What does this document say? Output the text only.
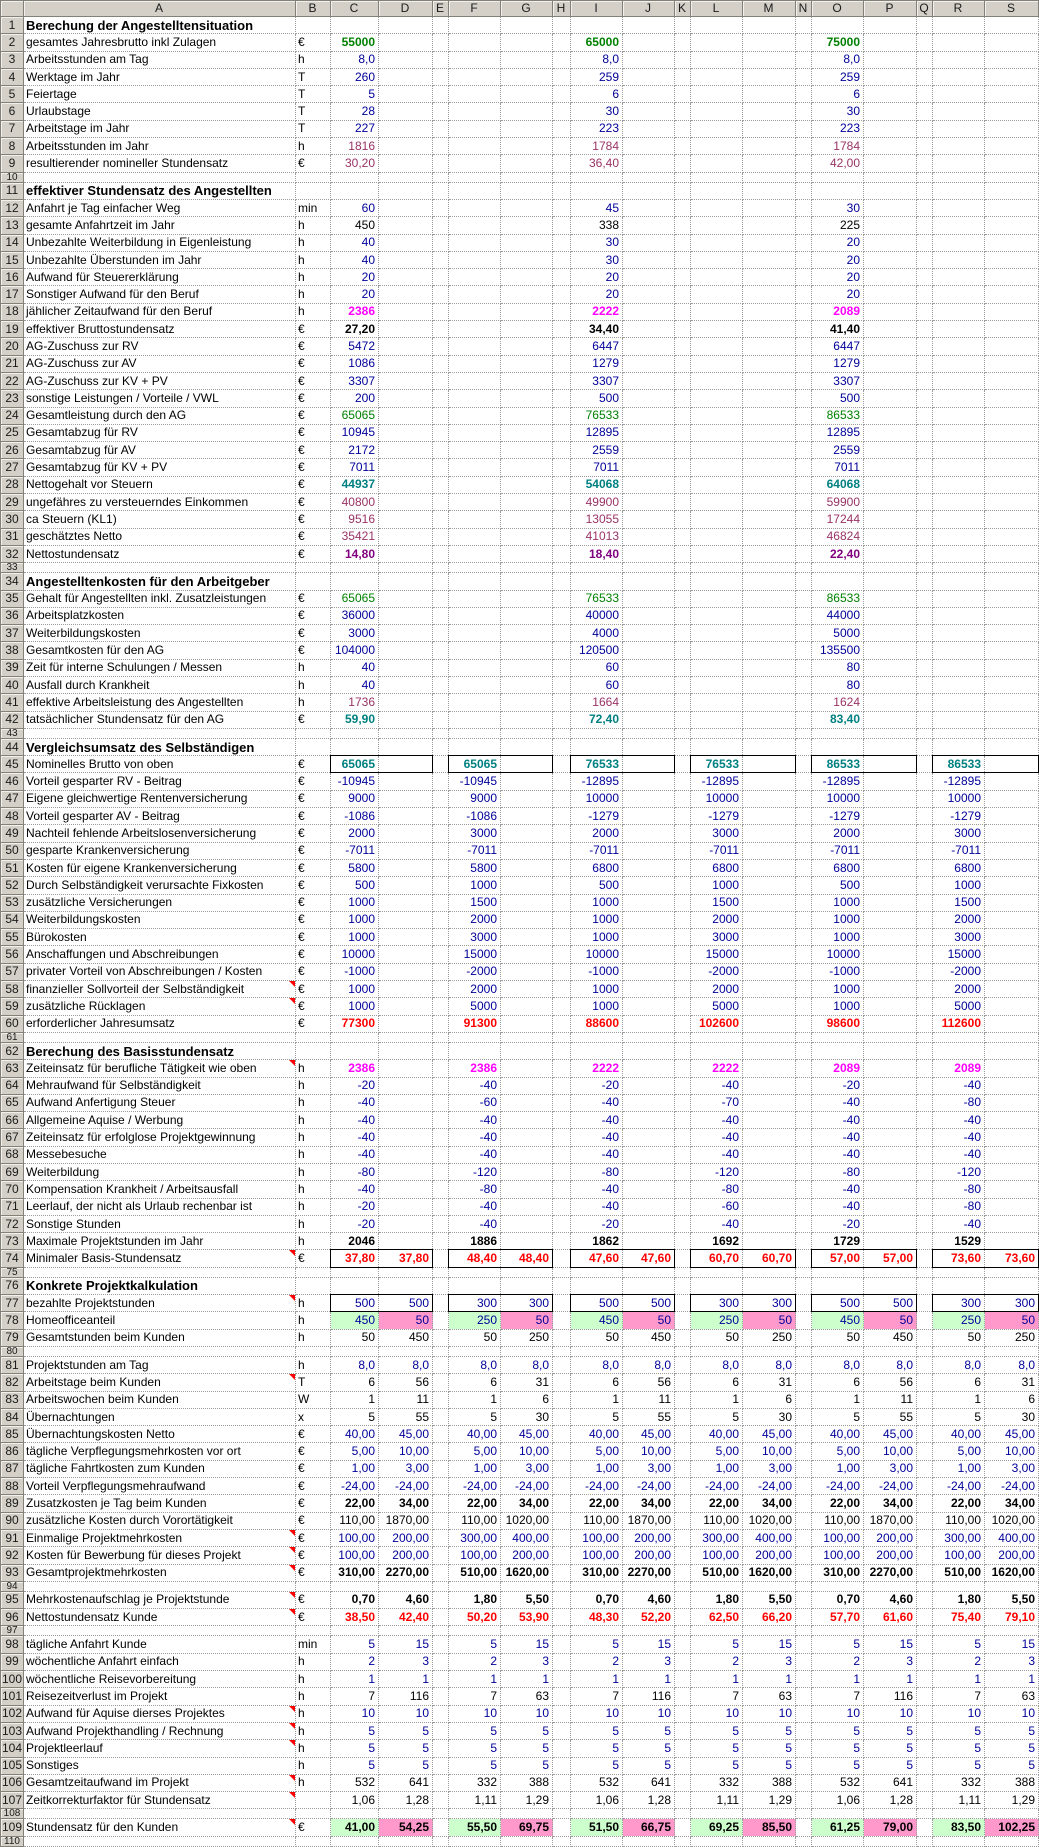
	A	B	C	D	E	F	G	H	I	J	K	L	M	N	O	P	Q	R	S
1	Berechung der Angestelltensituation																		
2	gesamtes Jahresbrutto inkl Zulagen	€	55000						65000						75000				
3	Arbeitsstunden am Tag	h	8,0						8,0						8,0				
4	Werktage im Jahr	T	260						259						259				
5	Feiertage	T	5						6						6				
6	Urlaubstage	T	28						30						30				
7	Arbeitstage im Jahr	T	227						223						223				
8	Arbeitsstunden im Jahr	h	1816						1784						1784				
9	resultierender nomineller Stundensatz	€	30,20						36,40						42,00				
10																			
11	effektiver Stundensatz des Angestellten																		
12	Anfahrt je Tag einfacher Weg	min	60						45						30				
13	gesamte Anfahrtzeit im Jahr	h	450						338						225				
14	Unbezahlte Weiterbildung in Eigenleistung	h	40						30						20				
15	Unbezahlte Überstunden im Jahr	h	40						30						20				
16	Aufwand für Steuererklärung	h	20						20						20				
17	Sonstiger Aufwand für den Beruf	h	20						20						20				
18	jählicher Zeitaufwand für den Beruf	h	2386						2222						2089				
19	effektiver Bruttostundensatz	€	27,20						34,40						41,40				
20	AG-Zuschuss zur RV	€	5472						6447						6447				
21	AG-Zuschuss zur AV	€	1086						1279						1279				
22	AG-Zuschuss zur KV + PV	€	3307						3307						3307				
23	sonstige Leistungen / Vorteile / VWL	€	200						500						500				
24	Gesamtleistung durch den AG	€	65065						76533						86533				
25	Gesamtabzug für RV	€	10945						12895						12895				
26	Gesamtabzug für AV	€	2172						2559						2559				
27	Gesamtabzug für KV + PV	€	7011						7011						7011				
28	Nettogehalt vor Steuern	€	44937						54068						64068				
29	ungefähres zu versteuerndes Einkommen	€	40800						49900						59900				
30	ca Steuern (KL1)	€	9516						13055						17244				
31	geschätztes Netto	€	35421						41013						46824				
32	Nettostundensatz	€	14,80						18,40						22,40				
33																			
34	Angestelltenkosten für den Arbeitgeber																		
35	Gehalt für Angestellten inkl. Zusatzleistungen	€	65065						76533						86533				
36	Arbeitsplatzkosten	€	36000						40000						44000				
37	Weiterbildungskosten	€	3000						4000						5000				
38	Gesamtkosten für den AG	€	104000						120500						135500				
39	Zeit für interne Schulungen / Messen	h	40						60						80				
40	Ausfall durch Krankheit	h	40						60						80				
41	effektive Arbeitsleistung des Angestellten	h	1736						1664						1624				
42	tatsächlicher Stundensatz für den AG	€	59,90						72,40						83,40				
43																			
44	Vergleichsumsatz des Selbständigen																		
45	Nominelles Brutto von oben	€	65065			65065			76533			76533			86533			86533	
46	Vorteil gesparter RV - Beitrag	€	-10945			-10945			-12895			-12895			-12895			-12895	
47	Eigene gleichwertige Rentenversicherung	€	9000			9000			10000			10000			10000			10000	
48	Vorteil gesparter AV - Beitrag	€	-1086			-1086			-1279			-1279			-1279			-1279	
49	Nachteil fehlende Arbeitslosenversicherung	€	2000			3000			2000			3000			2000			3000	
50	gesparte Krankenversicherung	€	-7011			-7011			-7011			-7011			-7011			-7011	
51	Kosten für eigene Krankenversicherung	€	5800			5800			6800			6800			6800			6800	
52	Durch Selbständigkeit verursachte Fixkosten	€	500			1000			500			1000			500			1000	
53	zusätzliche Versicherungen	€	1000			1500			1000			1500			1000			1500	
54	Weiterbildungskosten	€	1000			2000			1000			2000			1000			2000	
55	Bürokosten	€	1000			3000			1000			3000			1000			3000	
56	Anschaffungen und Abschreibungen	€	10000			15000			10000			15000			10000			15000	
57	privater Vorteil von Abschreibungen / Kosten	€	-1000			-2000			-1000			-2000			-1000			-2000	
58	finanzieller Sollvorteil der Selbständigkeit	€	1000			2000			1000			2000			1000			2000	
59	zusätzliche Rücklagen	€	1000			5000			1000			5000			1000			5000	
60	erforderlicher Jahresumsatz	€	77300			91300			88600			102600			98600			112600	
61																			
62	Berechung des Basisstundensatz																		
63	Zeiteinsatz für berufliche Tätigkeit wie oben	h	2386			2386			2222			2222			2089			2089	
64	Mehraufwand für Selbständigkeit	h	-20			-40			-20			-40			-20			-40	
65	Aufwand Anfertigung Steuer	h	-40			-60			-40			-70			-40			-80	
66	Allgemeine Aquise / Werbung	h	-40			-40			-40			-40			-40			-40	
67	Zeiteinsatz für erfolglose Projektgewinnung	h	-40			-40			-40			-40			-40			-40	
68	Messebesuche	h	-40			-40			-40			-40			-40			-40	
69	Weiterbildung	h	-80			-120			-80			-120			-80			-120	
70	Kompensation Krankheit / Arbeitsausfall	h	-40			-80			-40			-80			-40			-80	
71	Leerlauf, der nicht als Urlaub rechenbar ist	h	-20			-40			-40			-60			-40			-80	
72	Sonstige Stunden	h	-20			-40			-20			-40			-20			-40	
73	Maximale Projektstunden im Jahr	h	2046			1886			1862			1692			1729			1529	
74	Minimaler Basis-Stundensatz	€	37,80	37,80		48,40	48,40		47,60	47,60		60,70	60,70		57,00	57,00		73,60	73,60
75																			
76	Konkrete Projektkalkulation																		
77	bezahlte Projektstunden	h	500	500		300	300		500	500		300	300		500	500		300	300
78	Homeofficeanteil	h	450	50		250	50		450	50		250	50		450	50		250	50
79	Gesamtstunden beim Kunden	h	50	450		50	250		50	450		50	250		50	450		50	250
80																			
81	Projektstunden am Tag	h	8,0	8,0		8,0	8,0		8,0	8,0		8,0	8,0		8,0	8,0		8,0	8,0
82	Arbeitstage beim Kunden	T	6	56		6	31		6	56		6	31		6	56		6	31
83	Arbeitswochen beim Kunden	W	1	11		1	6		1	11		1	6		1	11		1	6
84	Übernachtungen	x	5	55		5	30		5	55		5	30		5	55		5	30
85	Übernachtungskosten Netto	€	40,00	45,00		40,00	45,00		40,00	45,00		40,00	45,00		40,00	45,00		40,00	45,00
86	tägliche Verpflegungsmehrkosten vor ort	€	5,00	10,00		5,00	10,00		5,00	10,00		5,00	10,00		5,00	10,00		5,00	10,00
87	tägliche Fahrtkosten zum Kunden	€	1,00	3,00		1,00	3,00		1,00	3,00		1,00	3,00		1,00	3,00		1,00	3,00
88	Vorteil Verpflegungsmehraufwand	€	-24,00	-24,00		-24,00	-24,00		-24,00	-24,00		-24,00	-24,00		-24,00	-24,00		-24,00	-24,00
89	Zusatzkosten je Tag beim Kunden	€	22,00	34,00		22,00	34,00		22,00	34,00		22,00	34,00		22,00	34,00		22,00	34,00
90	zusätzliche Kosten durch Vorortätigkeit	€	110,00	1870,00		110,00	1020,00		110,00	1870,00		110,00	1020,00		110,00	1870,00		110,00	1020,00
91	Einmalige Projektmehrkosten	€	100,00	200,00		300,00	400,00		100,00	200,00		300,00	400,00		100,00	200,00		300,00	400,00
92	Kosten für Bewerbung für dieses Projekt	€	100,00	200,00		100,00	200,00		100,00	200,00		100,00	200,00		100,00	200,00		100,00	200,00
93	Gesamtprojektmehrkosten	€	310,00	2270,00		510,00	1620,00		310,00	2270,00		510,00	1620,00		310,00	2270,00		510,00	1620,00
94																			
95	Mehrkostenaufschlag je Projektstunde	€	0,70	4,60		1,80	5,50		0,70	4,60		1,80	5,50		0,70	4,60		1,80	5,50
96	Nettostundensatz Kunde	€	38,50	42,40		50,20	53,90		48,30	52,20		62,50	66,20		57,70	61,60		75,40	79,10
97																			
98	tägliche Anfahrt Kunde	min	5	15		5	15		5	15		5	15		5	15		5	15
99	wöchentliche Anfahrt einfach	h	2	3		2	3		2	3		2	3		2	3		2	3
100	wöchentliche Reisevorbereitung	h	1	1		1	1		1	1		1	1		1	1		1	1
101	Reisezeitverlust im Projekt	h	7	116		7	63		7	116		7	63		7	116		7	63
102	Aufwand für Aquise dierses Projektes	h	10	10		10	10		10	10		10	10		10	10		10	10
103	Aufwand Projekthandling / Rechnung	h	5	5		5	5		5	5		5	5		5	5		5	5
104	Projektleerlauf	h	5	5		5	5		5	5		5	5		5	5		5	5
105	Sonstiges	h	5	5		5	5		5	5		5	5		5	5		5	5
106	Gesamtzeitaufwand im Projekt	h	532	641		332	388		532	641		332	388		532	641		332	388
107	Zeitkorrekturfaktor für Stundensatz		1,06	1,28		1,11	1,29		1,06	1,28		1,11	1,29		1,06	1,28		1,11	1,29
108																			
109	Stundensatz für den Kunden	€	41,00	54,25		55,50	69,75		51,50	66,75		69,25	85,50		61,25	79,00		83,50	102,25
110																			
